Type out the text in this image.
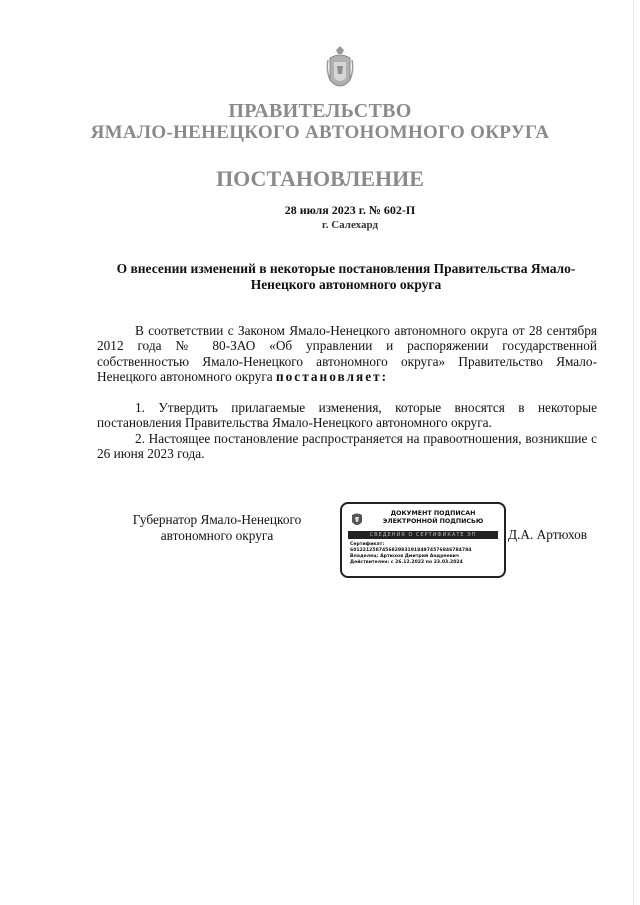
ПРАВИТЕЛЬСТВО
ЯМАЛО-НЕНЕЦКОГО АВТОНОМНОГО ОКРУГА
ПОСТАНОВЛЕНИЕ
28 июля 2023 г. № 602-П
г. Салехард
О внесении изменений в некоторые постановления Правительства Ямало-Ненецкого автономного округа
В соответствии с Законом Ямало-Ненецкого автономного округа от 28 сентября 2012 года № 80-ЗАО «Об управлении и распоряжении государственной собственностью Ямало-Ненецкого автономного округа» Правительство Ямало-Ненецкого автономного округа постановляет:
1. Утвердить прилагаемые изменения, которые вносятся в некоторые постановления Правительства Ямало-Ненецкого автономного округа.
2. Настоящее постановление распространяется на правоотношения, возникшие с 26 июня 2023 года.
Губернатор Ямало-Ненецкого автономного округа
ДОКУМЕНТ ПОДПИСАН ЭЛЕКТРОННОЙ ПОДПИСЬЮ
СВЕДЕНИЯ О СЕРТИФИКАТЕ ЭП
Сертификат:
60122125874568298319184974576846784784
Владелец: Артюхов Дмитрий Андреевич
Действителен: с 26.12.2022 по 23.03.2024
Д.А. Артюхов
